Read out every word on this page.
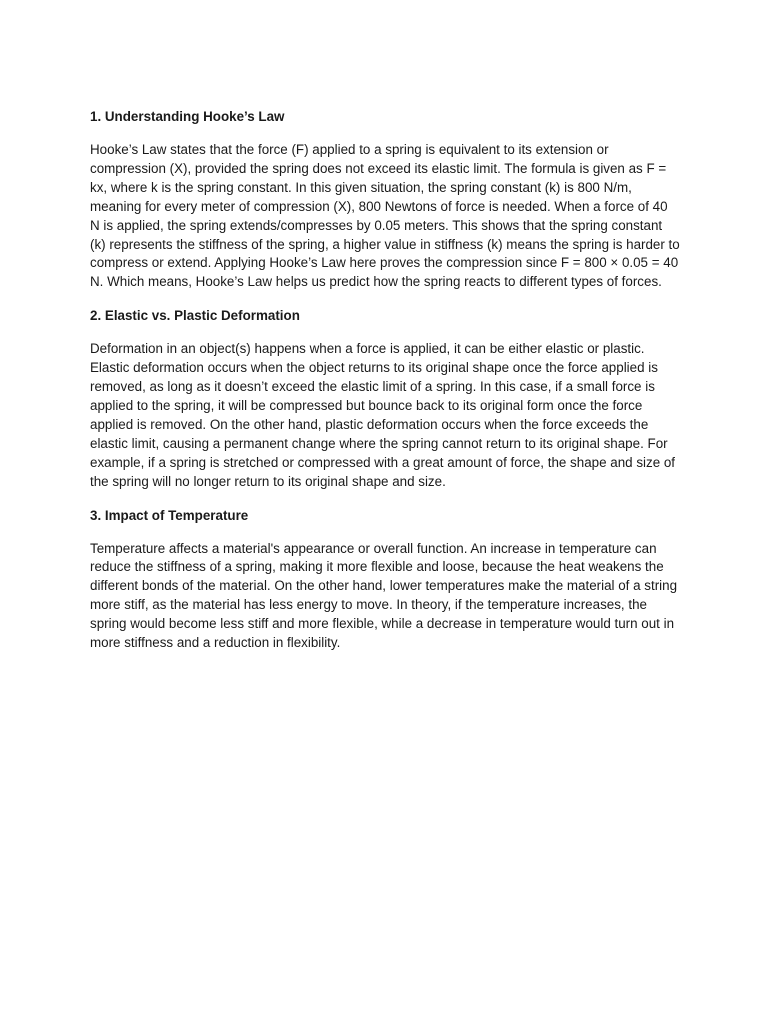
1. Understanding Hooke’s Law

Hooke’s Law states that the force (F) applied to a spring is equivalent to its extension or compression (X), provided the spring does not exceed its elastic limit. The formula is given as F = kx, where k is the spring constant. In this given situation, the spring constant (k) is 800 N/m, meaning for every meter of compression (X), 800 Newtons of force is needed. When a force of 40 N is applied, the spring extends/compresses by 0.05 meters. This shows that the spring constant (k) represents the stiffness of the spring, a higher value in stiffness (k) means the spring is harder to compress or extend. Applying Hooke’s Law here proves the compression since F = 800 × 0.05 = 40 N. Which means, Hooke’s Law helps us predict how the spring reacts to different types of forces.

2. Elastic vs. Plastic Deformation

Deformation in an object(s) happens when a force is applied, it can be either elastic or plastic. Elastic deformation occurs when the object returns to its original shape once the force applied is removed, as long as it doesn’t exceed the elastic limit of a spring. In this case, if a small force is applied to the spring, it will be compressed but bounce back to its original form once the force applied is removed. On the other hand, plastic deformation occurs when the force exceeds the elastic limit, causing a permanent change where the spring cannot return to its original shape. For example, if a spring is stretched or compressed with a great amount of force, the shape and size of the spring will no longer return to its original shape and size.

3. Impact of Temperature

Temperature affects a material's appearance or overall function. An increase in temperature can reduce the stiffness of a spring, making it more flexible and loose, because the heat weakens the different bonds of the material. On the other hand, lower temperatures make the material of a string more stiff, as the material has less energy to move. In theory, if the temperature increases, the spring would become less stiff and more flexible, while a decrease in temperature would turn out in more stiffness and a reduction in flexibility.
